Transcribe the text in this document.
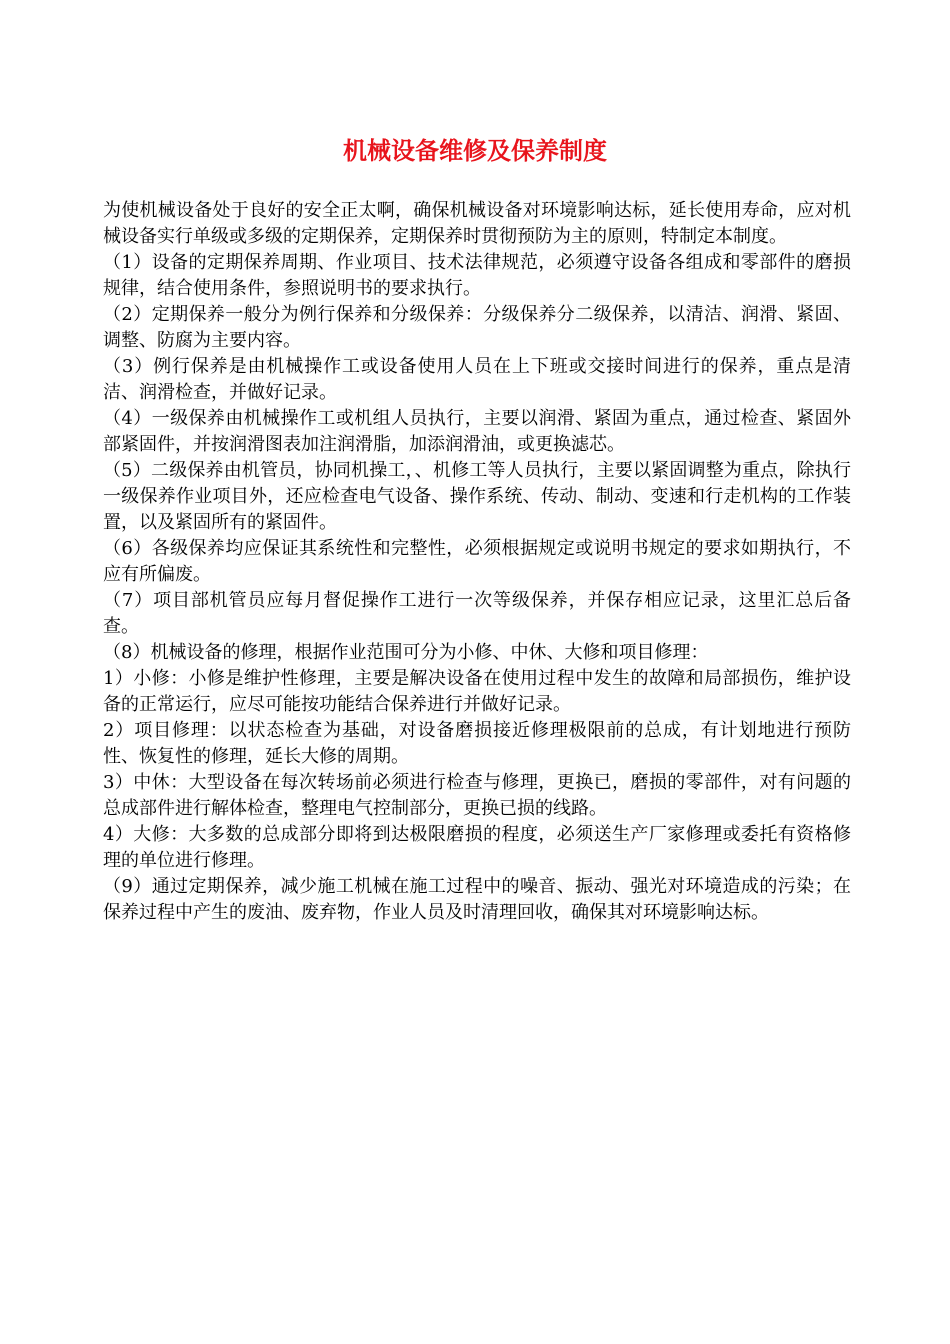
机械设备维修及保养制度

为使机械设备处于良好的安全正太啊，确保机械设备对环境影响达标，延长使用寿命，应对机械设备实行单级或多级的定期保养，定期保养时贯彻预防为主的原则，特制定本制度。

（1）设备的定期保养周期、作业项目、技术法律规范，必须遵守设备各组成和零部件的磨损规律，结合使用条件，参照说明书的要求执行。

（2）定期保养一般分为例行保养和分级保养：分级保养分二级保养，以清洁、润滑、紧固、调整、防腐为主要内容。

（3）例行保养是由机械操作工或设备使用人员在上下班或交接时间进行的保养，重点是清洁、润滑检查，并做好记录。

（4）一级保养由机械操作工或机组人员执行，主要以润滑、紧固为重点，通过检查、紧固外部紧固件，并按润滑图表加注润滑脂，加添润滑油，或更换滤芯。

（5）二级保养由机管员，协同机操工，、机修工等人员执行，主要以紧固调整为重点，除执行一级保养作业项目外，还应检查电气设备、操作系统、传动、制动、变速和行走机构的工作装置，以及紧固所有的紧固件。

（6）各级保养均应保证其系统性和完整性，必须根据规定或说明书规定的要求如期执行，不应有所偏废。

（7）项目部机管员应每月督促操作工进行一次等级保养，并保存相应记录，这里汇总后备查。

（8）机械设备的修理，根据作业范围可分为小修、中休、大修和项目修理：

1）小修：小修是维护性修理，主要是解决设备在使用过程中发生的故障和局部损伤，维护设备的正常运行，应尽可能按功能结合保养进行并做好记录。

2）项目修理：以状态检查为基础，对设备磨损接近修理极限前的总成，有计划地进行预防性、恢复性的修理，延长大修的周期。

3）中休：大型设备在每次转场前必须进行检查与修理，更换已，磨损的零部件，对有问题的总成部件进行解体检查，整理电气控制部分，更换已损的线路。

4）大修：大多数的总成部分即将到达极限磨损的程度，必须送生产厂家修理或委托有资格修理的单位进行修理。

（9）通过定期保养，减少施工机械在施工过程中的噪音、振动、强光对环境造成的污染；在保养过程中产生的废油、废弃物，作业人员及时清理回收，确保其对环境影响达标。
